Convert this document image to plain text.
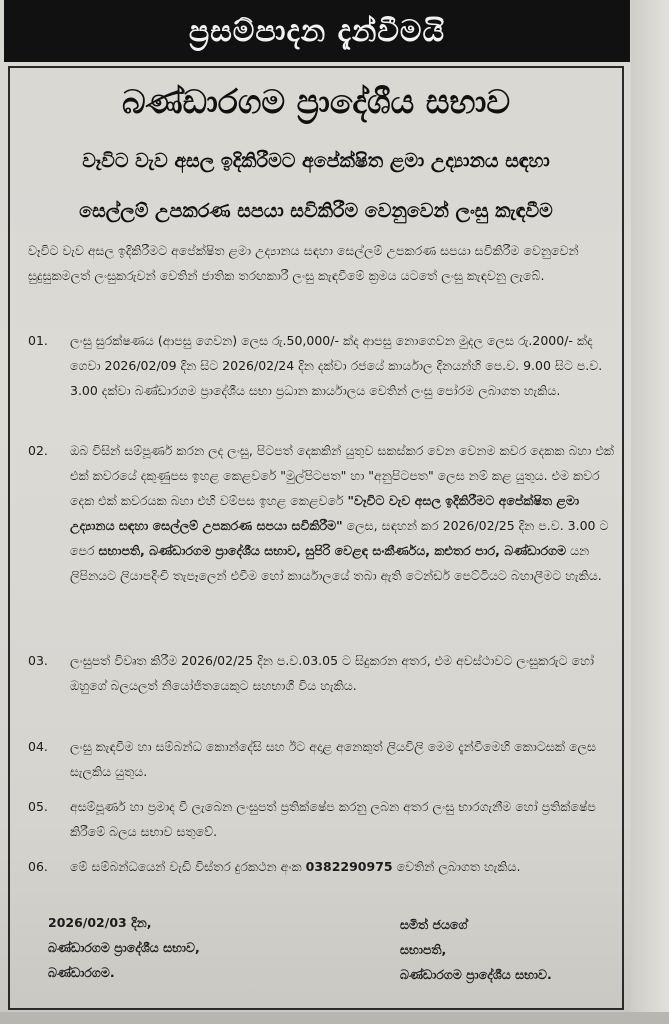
ප්‍රසම්පාදන දැන්වීමයි
බණ්ඩාරගම ප්‍රාදේශීය සභාව
වෑවිට වැව අසල ඉදිකිරීමට අපේක්ෂිත ළමා උද්‍යානය සඳහා
සෙල්ලම් උපකරණ සපයා සවිකිරීම වෙනුවෙන් ලංසු කැඳවීම
වෑවිට වැව අසල ඉදිකිරීමට අපේක්ෂිත ළමා උද්‍යානය සඳහා සෙල්ලම් උපකරණ සපයා සවිකිරීම වෙනුවෙන් සුදුසුකමලත් ලංසුකරුවන් වෙතින් ජාතික තරඟකාරී ලංසු කැඳවීමේ ක්‍රමය යටතේ ලංසු කැඳවනු ලැබේ.
01. ලංසු සුරක්ෂණය (ආපසු ගෙවන) ලෙස රු.50,000/- ක්ද ආපසු නොගෙවන මුදල ලෙස රු.2000/- ක්ද ගෙවා 2026/02/09 දින සිට 2026/02/24 දින දක්වා රජයේ කාර්යාල දිනයන්හි පෙ.ව. 9.00 සිට ප.ව. 3.00 දක්වා බණ්ඩාරගම ප්‍රාදේශීය සභා ප්‍රධාන කාර්යාලය වෙතින් ලංසු පෝරම ලබාගත හැකිය.
02. ඔබ විසින් සම්පූර්ණ කරන ලද ලංසු, පිටපත් දෙකකින් යුතුව සකස්කර වෙන වෙනම කවර දෙකක බහා එක් එක් කවරයේ දකුණුපස ඉහළ කෙළවරේ "මුල්පිටපත" හා "අනුපිටපත" ලෙස නම් කළ යුතුය. එම කවර දෙක එක් කවරයක බහා එහි වම්පස ඉහළ කෙළවරේ "වෑවිට වැව අසල ඉදිකිරීමට අපේක්ෂිත ළමා උද්‍යානය සඳහා සෙල්ලම් උපකරණ සපයා සවිකිරීම" ලෙස, සඳහන් කර 2026/02/25 දින ප.ව. 3.00 ට පෙර සභාපති, බණ්ඩාරගම ප්‍රාදේශීය සභාව, සුපිරි වෙළඳ සංකීර්ණය, කළුතර පාර, බණ්ඩාරගම යන ලිපිනයට ලියාපදිංචි තැපෑලෙන් එවීම හෝ කාර්යාලයේ තබා ඇති ටෙන්ඩර් පෙට්ටියට බහාලීමට හැකිය.
03. ලංසුපත් විවෘත කිරීම 2026/02/25 දින ප.ව.03.05 ට සිදුකරන අතර, එම අවස්ථාවට ලංසුකරුට හෝ ඔහුගේ බලයලත් නියෝජිතයෙකුට සහභාගී විය හැකිය.
04. ලංසු කැඳවීම හා සම්බන්ධ කොන්දේසි සහ ඊට අදාළ අනෙකුත් ලියවිලි මෙම දැන්වීමෙහි කොටසක් ලෙස සැලකිය යුතුය.
05. අසම්පූර්ණ හා ප්‍රමාද වී ලැබෙන ලංසුපත් ප්‍රතික්ෂේප කරනු ලබන අතර ලංසු භාරගැනීම හෝ ප්‍රතික්ෂේප කිරීමේ බලය සභාව සතුවේ.
06. මේ සම්බන්ධයෙන් වැඩි විස්තර දුරකථන අංක 0382290975 වෙතින් ලබාගත හැකිය.
2026/02/03 දින,
බණ්ඩාරගම ප්‍රාදේශීය සභාව,
බණ්ඩාරගම.
සමිත් ජයගේ
සභාපති,
බණ්ඩාරගම ප්‍රාදේශීය සභාව.
